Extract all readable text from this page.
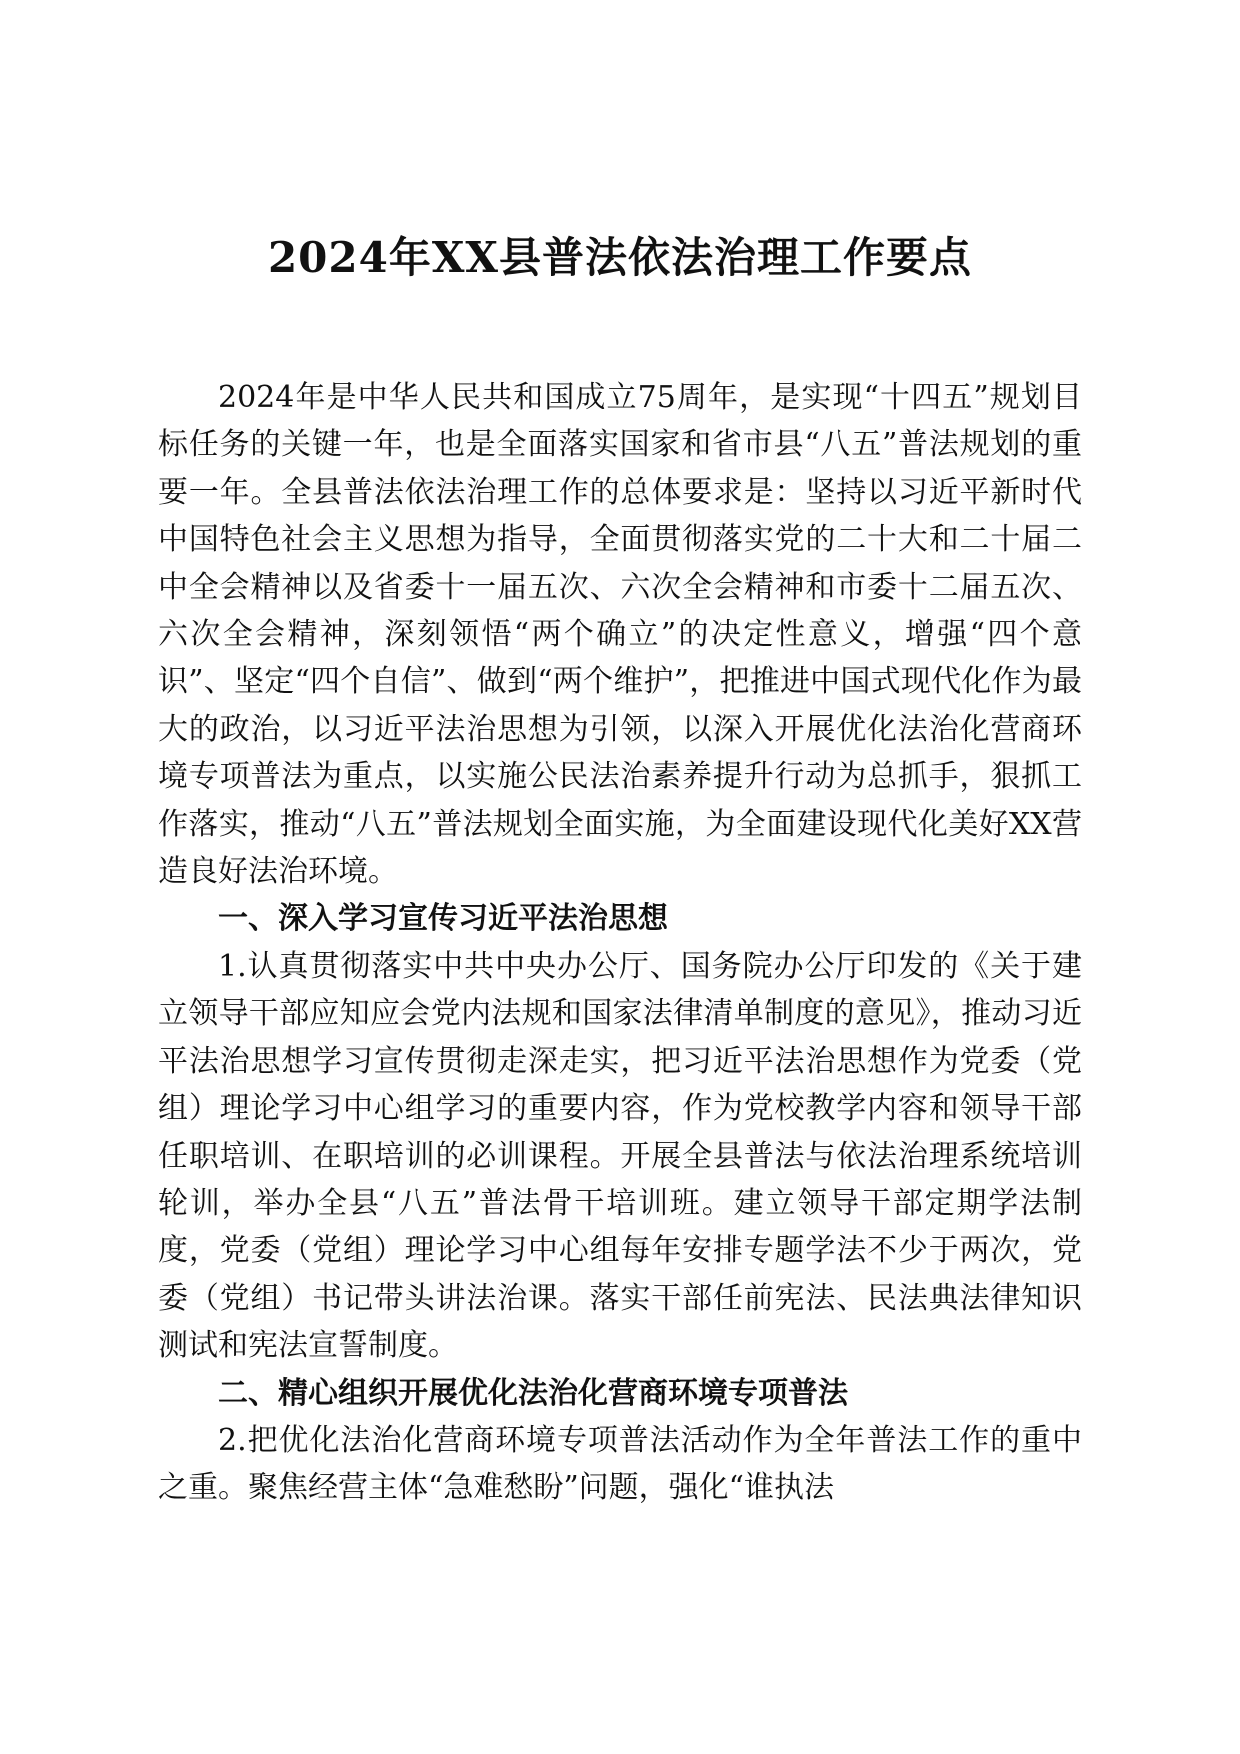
2024年XX县普法依法治理工作要点

2024年是中华人民共和国成立75周年，是实现“十四五”规划目标任务的关键一年，也是全面落实国家和省市县“八五”普法规划的重要一年。全县普法依法治理工作的总体要求是：坚持以习近平新时代中国特色社会主义思想为指导，全面贯彻落实党的二十大和二十届二中全会精神以及省委十一届五次、六次全会精神和市委十二届五次、六次全会精神，深刻领悟“两个确立”的决定性意义，增强“四个意识”、坚定“四个自信”、做到“两个维护”，把推进中国式现代化作为最大的政治，以习近平法治思想为引领，以深入开展优化法治化营商环境专项普法为重点，以实施公民法治素养提升行动为总抓手，狠抓工作落实，推动“八五”普法规划全面实施，为全面建设现代化美好XX营造良好法治环境。

一、深入学习宣传习近平法治思想

1.认真贯彻落实中共中央办公厅、国务院办公厅印发的《关于建立领导干部应知应会党内法规和国家法律清单制度的意见》，推动习近平法治思想学习宣传贯彻走深走实，把习近平法治思想作为党委（党组）理论学习中心组学习的重要内容，作为党校教学内容和领导干部任职培训、在职培训的必训课程。开展全县普法与依法治理系统培训轮训，举办全县“八五”普法骨干培训班。建立领导干部定期学法制度，党委（党组）理论学习中心组每年安排专题学法不少于两次，党委（党组）书记带头讲法治课。落实干部任前宪法、民法典法律知识测试和宪法宣誓制度。

二、精心组织开展优化法治化营商环境专项普法

2.把优化法治化营商环境专项普法活动作为全年普法工作的重中之重。聚焦经营主体“急难愁盼”问题，强化“谁执法
